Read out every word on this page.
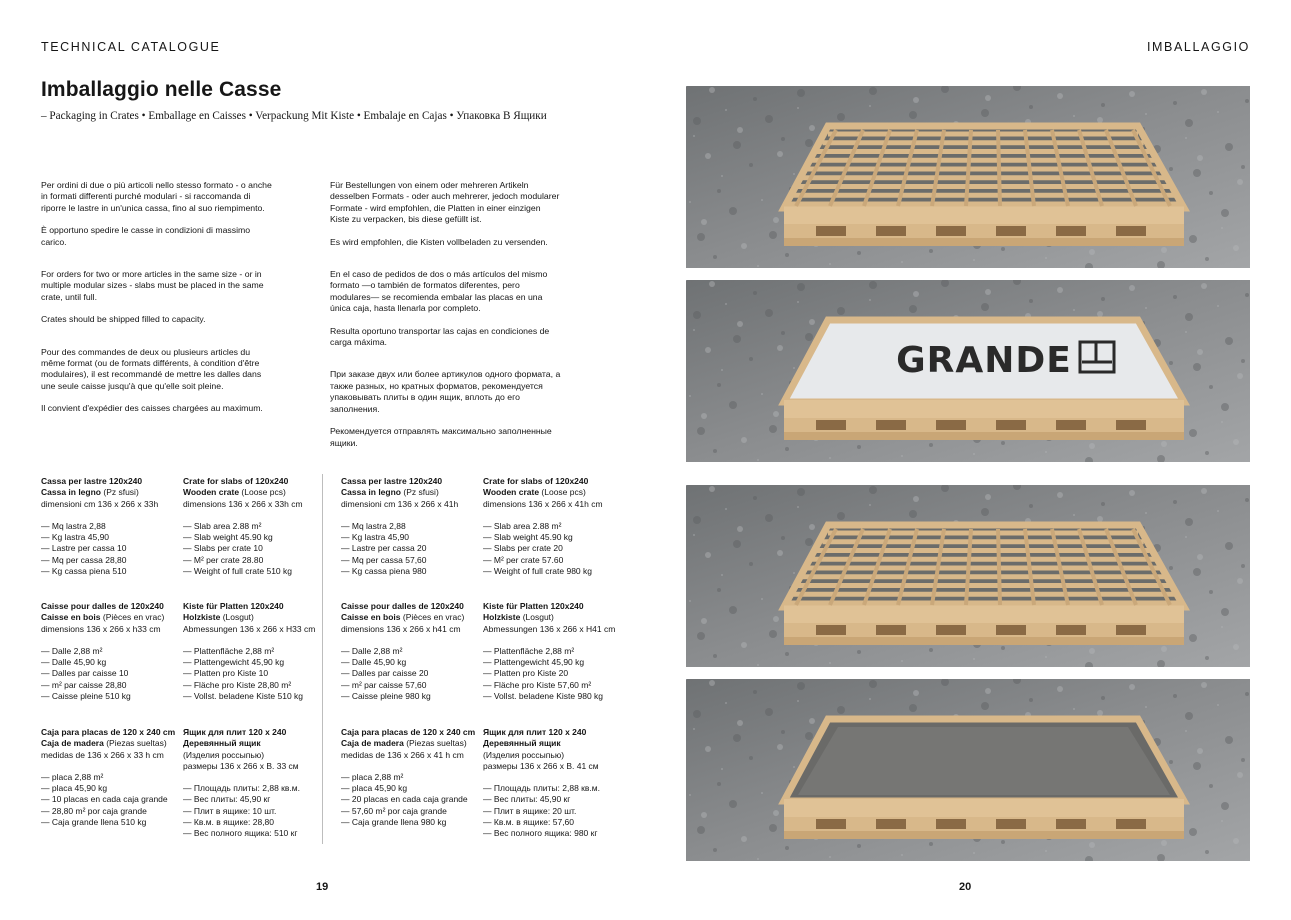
TECHNICAL CATALOGUE	IMBALLAGGIO
Imballaggio nelle Casse
– Packaging in Crates • Emballage en Caisses • Verpackung Mit Kiste • Embalaje en Cajas • Упаковка В Ящики

Per ordini di due o più articoli nello stesso formato - o anche in formati differenti purché modulari - si raccomanda di riporre le lastre in un'unica cassa, fino al suo riempimento.

È opportuno spedire le casse in condizioni di massimo carico.

For orders for two or more articles in the same size - or in multiple modular sizes - slabs must be placed in the same crate, until full.

Crates should be shipped filled to capacity.

Pour des commandes de deux ou plusieurs articles du même format (ou de formats différents, à condition d'être modulaires), il est recommandé de mettre les dalles dans une seule caisse jusqu'à que qu'elle soit pleine.

Il convient d'expédier des caisses chargées au maximum.

Für Bestellungen von einem oder mehreren Artikeln desselben Formats - oder auch mehrerer, jedoch modularer Formate - wird empfohlen, die Platten in einer einzigen Kiste zu verpacken, bis diese gefüllt ist.

Es wird empfohlen, die Kisten vollbeladen zu versenden.

En el caso de pedidos de dos o más artículos del mismo formato —o también de formatos diferentes, pero modulares— se recomienda embalar las placas en una única caja, hasta llenarla por completo.

Resulta oportuno transportar las cajas en condiciones de carga máxima.

При заказе двух или более артикулов одного формата, а также разных, но кратных форматов, рекомендуется упаковывать плиты в один ящик, вплоть до его заполнения.

Рекомендуется отправлять максимально заполненные ящики.

Cassa per lastre 120x240
Cassa in legno (Pz sfusi)
dimensioni cm 136 x 266 x 33h
— Mq lastra 2,88
— Kg lastra 45,90
— Lastre per cassa 10
— Mq per cassa 28,80
— Kg cassa piena 510
Crate for slabs of 120x240
Wooden crate (Loose pcs)
dimensions 136 x 266 x 33h cm
— Slab area 2.88 m²
— Slab weight 45.90 kg
— Slabs per crate 10
— M² per crate 28.80
— Weight of full crate 510 kg
Cassa per lastre 120x240
Cassa in legno (Pz sfusi)
dimensioni cm 136 x 266 x 41h
— Mq lastra 2,88
— Kg lastra 45,90
— Lastre per cassa 20
— Mq per cassa 57,60
— Kg cassa piena 980
Crate for slabs of 120x240
Wooden crate (Loose pcs)
dimensions 136 x 266 x 41h cm
— Slab area 2.88 m²
— Slab weight 45.90 kg
— Slabs per crate 20
— M² per crate 57.60
— Weight of full crate 980 kg
Caisse pour dalles de 120x240
Caisse en bois (Pièces en vrac)
dimensions 136 x 266 x h33 cm
— Dalle 2,88 m²
— Dalle 45,90 kg
— Dalles par caisse 10
— m² par caisse 28,80
— Caisse pleine 510 kg
Kiste für Platten 120x240
Holzkiste (Losgut)
Abmessungen 136 x 266 x H33 cm
— Plattenfläche 2,88 m²
— Plattengewicht 45,90 kg
— Platten pro Kiste 10
— Fläche pro Kiste 28,80 m²
— Vollst. beladene Kiste 510 kg
Caisse pour dalles de 120x240
Caisse en bois (Pièces en vrac)
dimensions 136 x 266 x h41 cm
— Dalle 2,88 m²
— Dalle 45,90 kg
— Dalles par caisse 20
— m² par caisse 57,60
— Caisse pleine 980 kg
Kiste für Platten 120x240
Holzkiste (Losgut)
Abmessungen 136 x 266 x H41 cm
— Plattenfläche 2,88 m²
— Plattengewicht 45,90 kg
— Platten pro Kiste 20
— Fläche pro Kiste 57,60 m²
— Vollst. beladene Kiste 980 kg
Caja para placas de 120 x 240 cm
Caja de madera (Piezas sueltas)
medidas de 136 x 266 x 33 h cm
— placa 2,88 m²
— placa 45,90 kg
— 10 placas en cada caja grande
— 28,80 m² por caja grande
— Caja grande llena 510 kg
Ящик для плит 120 x 240
Деревянный ящик
(Изделия россыпью)
размеры 136 x 266 x В. 33 см
— Площадь плиты: 2,88 кв.м.
— Вес плиты: 45,90 кг
— Плит в ящике: 10 шт.
— Кв.м. в ящике: 28,80
— Вес полного ящика: 510 кг
Caja para placas de 120 x 240 cm
Caja de madera (Piezas sueltas)
medidas de 136 x 266 x 41 h cm
— placa 2,88 m²
— placa 45,90 kg
— 20 placas en cada caja grande
— 57,60 m² por caja grande
— Caja grande llena 980 kg
Ящик для плит 120 x 240
Деревянный ящик
(Изделия россыпью)
размеры 136 x 266 x В. 41 см
— Площадь плиты: 2,88 кв.м.
— Вес плиты: 45,90 кг
— Плит в ящике: 20 шт.
— Кв.м. в ящике: 57,60
— Вес полного ящика: 980 кг
GRANDE
19	20
